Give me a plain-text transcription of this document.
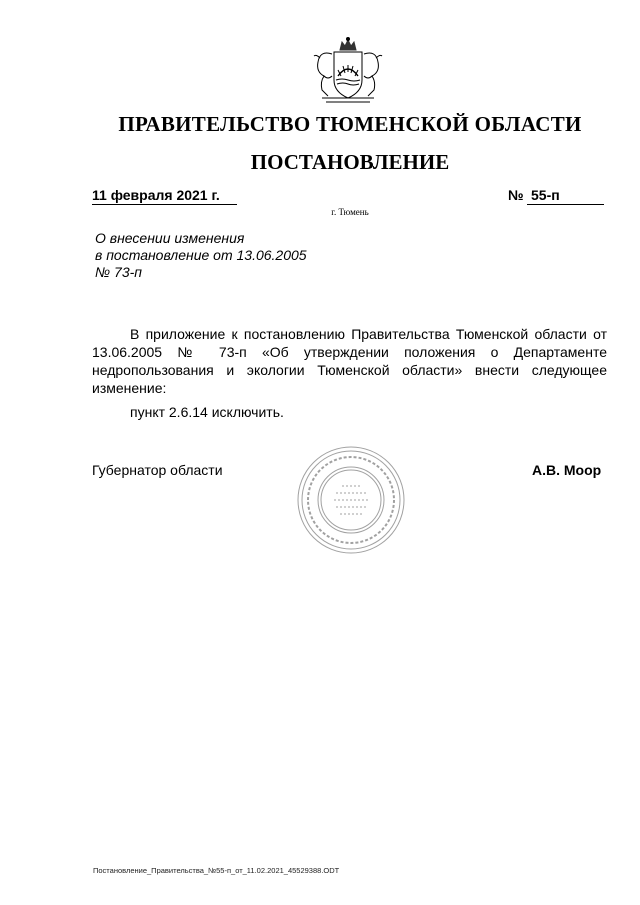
ПРАВИТЕЛЬСТВО ТЮМЕНСКОЙ ОБЛАСТИ
ПОСТАНОВЛЕНИЕ
11 февраля 2021 г.	№ 55-п
г. Тюмень
О внесении изменения
в постановление от 13.06.2005
№ 73-п

В приложение к постановлению Правительства Тюменской области от 13.06.2005 № 73-п «Об утверждении положения о Департаменте недропользования и экологии Тюменской области» внести следующее изменение:

пункт 2.6.14 исключить.

Губернатор области	А.В. Моор
Постановление_Правительства_№55-п_от_11.02.2021_45529388.ODT
